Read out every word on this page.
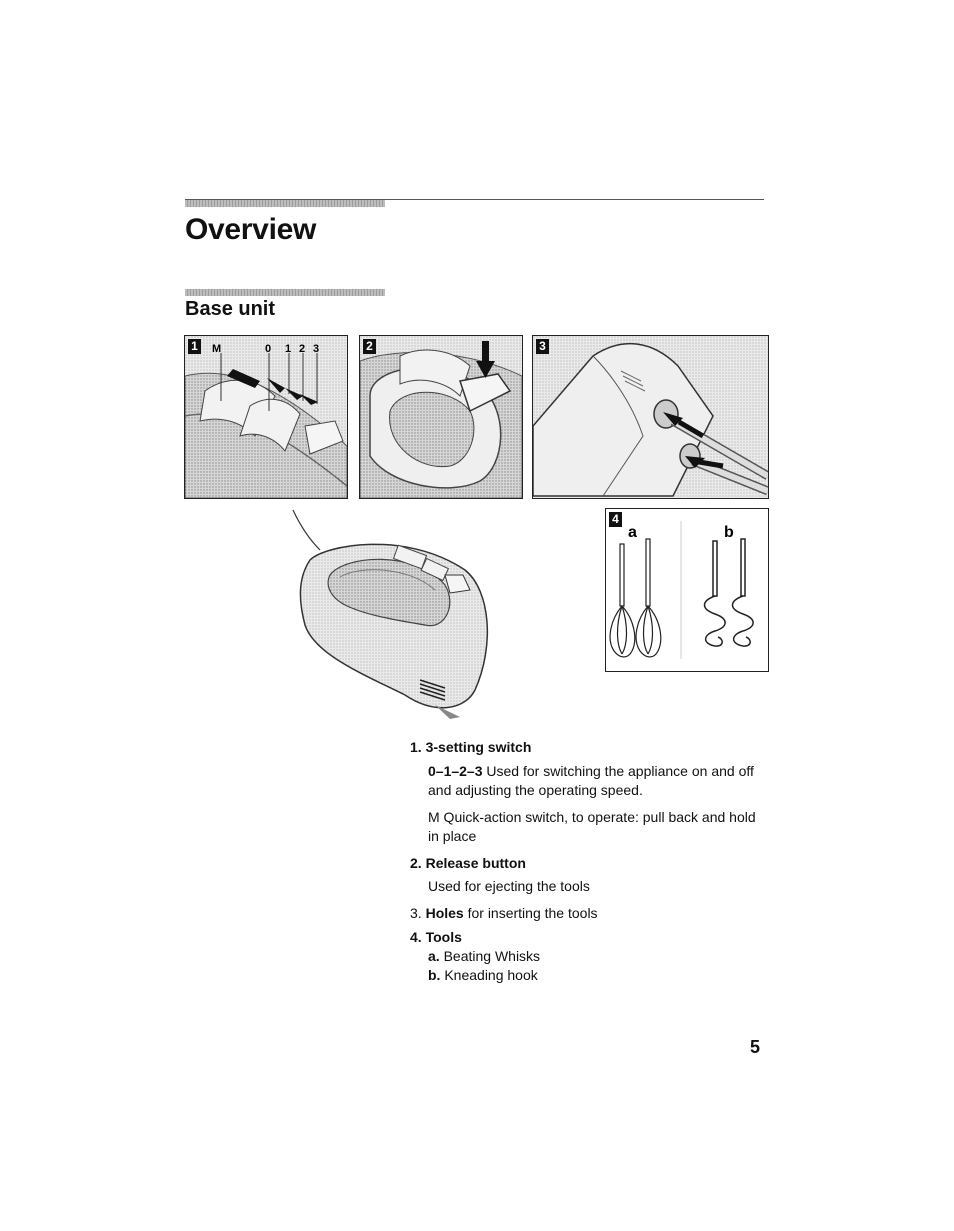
Overview
Base unit
M	0 1 2 3
1	2	3
a	b
4

1. 3-setting switch

0–1–2–3 Used for switching the appliance on and off and adjusting the operating speed.

M Quick-action switch, to operate: pull back and hold in place

2. Release button

Used for ejecting the tools

3. Holes for inserting the tools

4. Tools

a. Beating Whisks

b. Kneading hook

5
